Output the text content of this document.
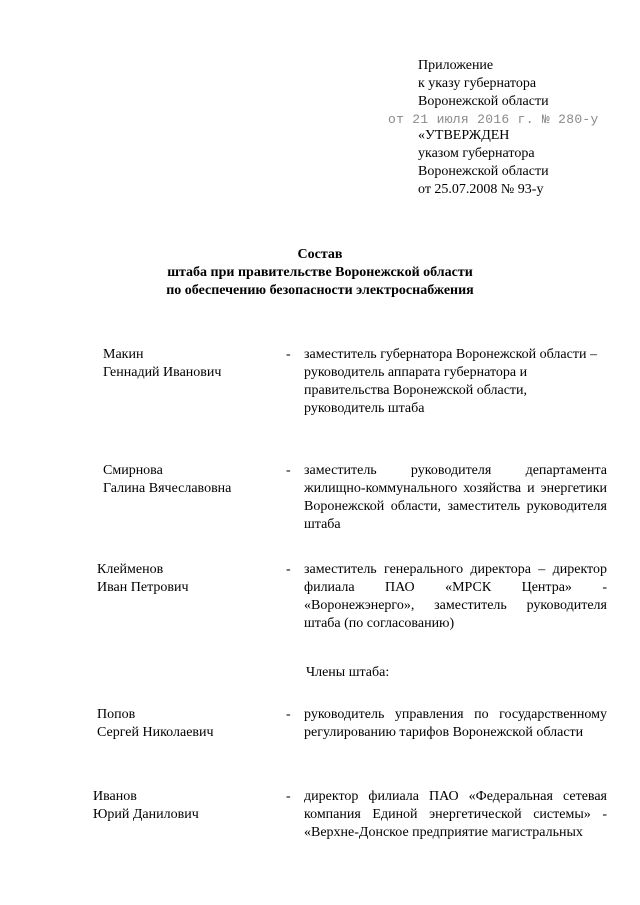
Приложение
к указу губернатора
Воронежской области
от 21 июля 2016 г. № 280-у
«УТВЕРЖДЕН
указом губернатора
Воронежской области
от 25.07.2008 № 93-у
Состав
штаба при правительстве Воронежской области
по обеспечению безопасности электроснабжения
Макин
Геннадий Иванович
- заместитель губернатора Воронежской области – руководитель аппарата губернатора и правительства Воронежской области, руководитель штаба
Смирнова
Галина Вячеславовна
- заместитель руководителя департамента жилищно-коммунального хозяйства и энергетики Воронежской области, заместитель руководителя штаба
Клейменов
Иван Петрович
- заместитель генерального директора – директор филиала ПАО «МРСК Центра» - «Воронежэнерго», заместитель руководителя штаба (по согласованию)
Члены штаба:
Попов
Сергей Николаевич
- руководитель управления по государственному регулированию тарифов Воронежской области
Иванов
Юрий Данилович
- директор филиала ПАО «Федеральная сетевая компания Единой энергетической системы» - «Верхне-Донское предприятие магистральных
